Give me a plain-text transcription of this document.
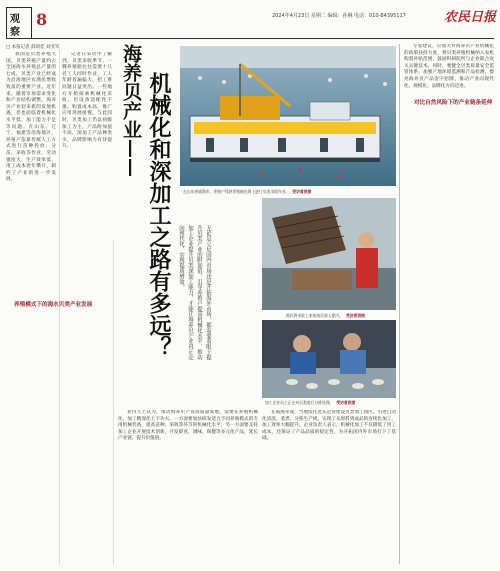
观
察
8	2024年4月23日 星期二 编辑：孙琳 电话：010-84395117	农民日报
□ 本报记者 薛靖佳 刘亚军

我国是贝类养殖大国，贝类养殖产量约占全国海水养殖总产量的七成，贝类产业已经成为沿海地区农渔民增收致富的重要产业。近年来，随着市场需求变化和产业结构调整，海养贝产业迎来新的发展机遇，但也面临着机械化水平低、加工能力不足等问题。在山东、辽宁、福建等沿海地区，养殖户依靠传统人工方式进行苗种投放、分苗、采收等作业，劳动强度大，生产效率低，用工成本逐年攀升，制约了产业的进一步发展。

养殖模式下的海水贝类产业发展

记者在采访中了解到，贝类采收季节，一艘养殖船往往需要十几名工人同时作业，工人年龄普遍偏大，招工难问题日益突出。一些地方开始探索机械化采收，但设备适配性不强、购置成本高，推广应用进展缓慢。与此同时，贝类加工仍以初级加工为主，产品附加值不高，深加工产品种类少，品牌影响力有待提升。	海养贝产业—— 机械化和深加工之路有多远？	无论是立足国内市场还是开拓海外市场，都需要着眼于提升贝类产业的附加值，引导养殖户提高机械化水平、推动加工企业提升贝类深加工能力，才能让海养贝产业真正走向现代化、实现提质增效。

在山东省威海市，养殖户驾驶养殖船在海上进行贝类采收作业。 受访者供图
渔民将采收上来的扇贝装入筐内。 受访者供图
加工企业员工正在对贝类进行分拣处理。 受访者供图

业内人士认为，推动海养贝产业高质量发展，需要在养殖机械化、加工精深化上下功夫。一方面要加快研发适合不同养殖模式的专用机械装备，提高苗种、采收等环节的机械化水平；另一方面要支持加工企业开展技术创新，开发即食、调味、保健等多元化产品，延长产业链、提升价值链。

在威海荣成，当地依托龙头企业建设贝类加工园区，引进自动化清洗、蒸煮、分拣生产线，实现了从原料到成品的连续化加工，加工效率大幅提升。企业负责人表示，机械化加工不仅降低了用工成本，还保证了产品品质的稳定性，为开拓国内外市场打下了基础。

专家建议，应加大对海养贝产业机械化的政策扶持力度，将贝类养殖机械纳入农机购置补贴范围，鼓励科研院所与企业联合攻关关键技术。同时，要健全贝类质量安全监管体系，加强产地环境监测和产品检测，擦亮海养贝产品金字招牌，推动产业向现代化、规模化、品牌化方向迈进。

对比自然风险下的产业链条延伸
